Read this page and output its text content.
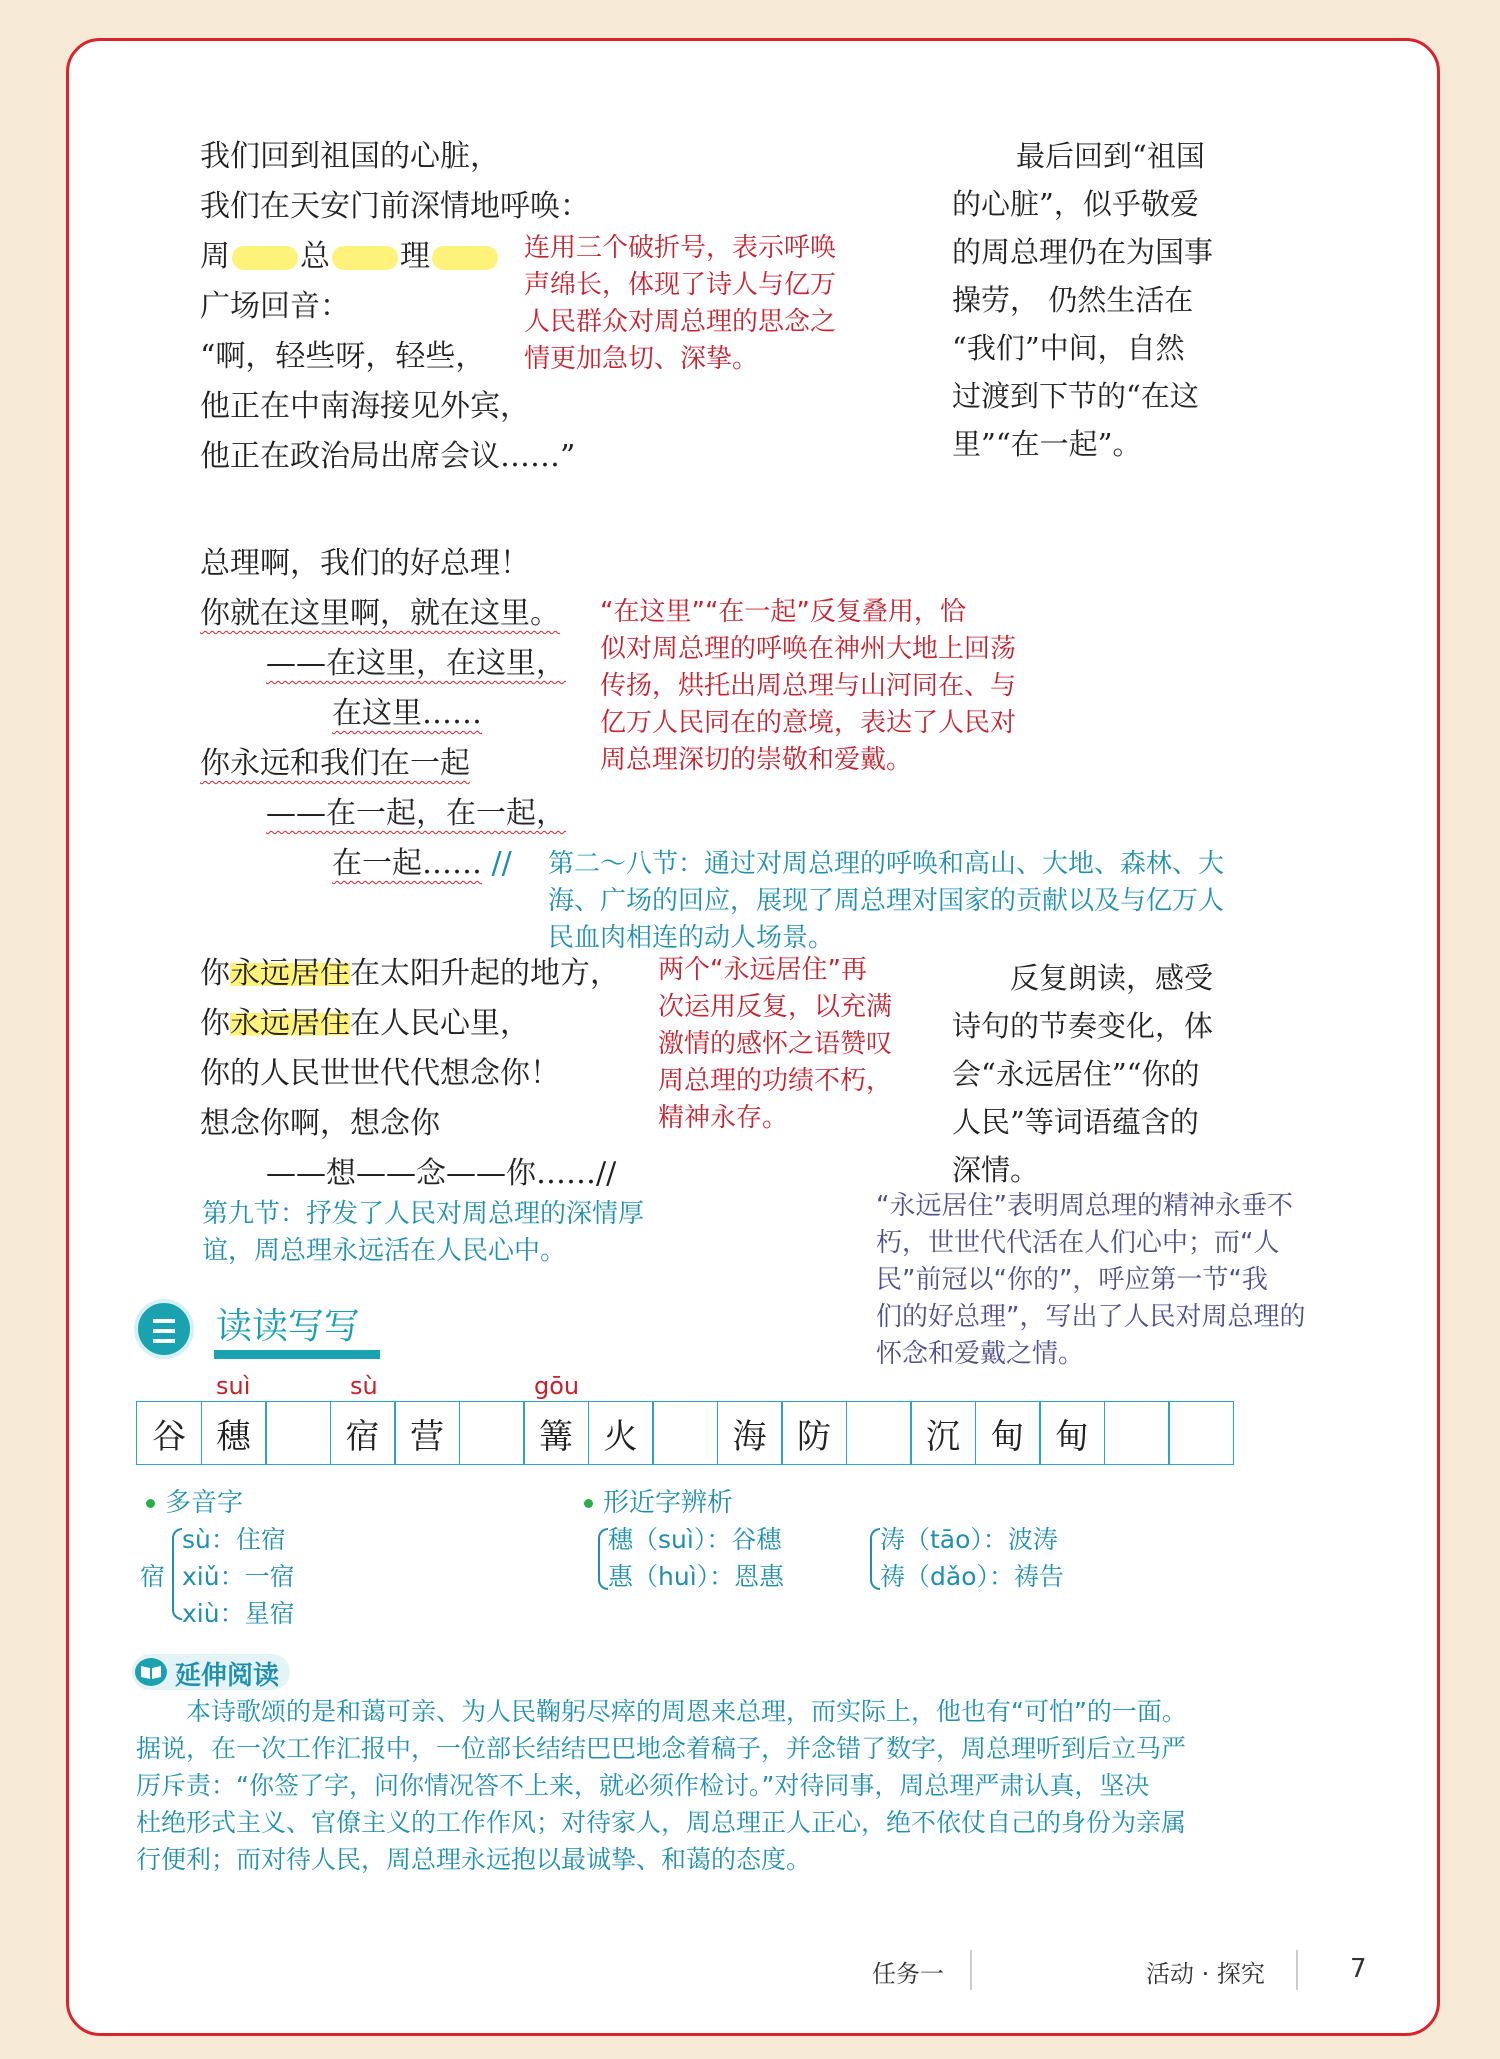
我们回到祖国的心脏，
我们在天安门前深情地呼唤：
周 总 理
广场回音：
“啊，轻些呀，轻些，
他正在中南海接见外宾，
他正在政治局出席会议……”
连用三个破折号，表示呼唤
声绵长，体现了诗人与亿万
人民群众对周总理的思念之
情更加急切、深挚。
最后回到“祖国
的心脏”，似乎敬爱
的周总理仍在为国事
操劳， 仍然生活在
“我们”中间，自然
过渡到下节的“在这
里”“在一起”。
总理啊，我们的好总理！
你就在这里啊，就在这里。
——在这里，在这里，
在这里……
你永远和我们在一起
——在一起，在一起，
在一起…… //
“在这里”“在一起”反复叠用，恰
似对周总理的呼唤在神州大地上回荡
传扬，烘托出周总理与山河同在、与
亿万人民同在的意境，表达了人民对
周总理深切的崇敬和爱戴。
第二～八节：通过对周总理的呼唤和高山、大地、森林、大
海、广场的回应，展现了周总理对国家的贡献以及与亿万人
民血肉相连的动人场景。
你永远居住在太阳升起的地方，
你永远居住在人民心里，
你的人民世世代代想念你！
想念你啊，想念你
——想——念——你……//
两个“永远居住”再
次运用反复，以充满
激情的感怀之语赞叹
周总理的功绩不朽，
精神永存。
反复朗读，感受
诗句的节奏变化，体
会“永远居住”“你的
人民”等词语蕴含的
深情。
第九节：抒发了人民对周总理的深情厚
谊，周总理永远活在人民心中。
“永远居住”表明周总理的精神永垂不
朽，世世代代活在人们心中；而“人
民”前冠以“你的”，呼应第一节“我
们的好总理”，写出了人民对周总理的
怀念和爱戴之情。
读读写写
suì	sù	gōu
谷 穗	宿 营	篝 火	海 防	沉 甸 甸
多音字
宿
sù：住宿
xiǔ：一宿
xiù：星宿
形近字辨析
穗（suì）：谷穗
惠（huì）：恩惠
涛（tāo）：波涛
祷（dǎo）：祷告
延伸阅读
本诗歌颂的是和蔼可亲、为人民鞠躬尽瘁的周恩来总理，而实际上，他也有“可怕”的一面。
据说，在一次工作汇报中，一位部长结结巴巴地念着稿子，并念错了数字，周总理听到后立马严
厉斥责：“你签了字，问你情况答不上来，就必须作检讨。”对待同事，周总理严肃认真，坚决
杜绝形式主义、官僚主义的工作作风；对待家人，周总理正人正心，绝不依仗自己的身份为亲属
行便利；而对待人民，周总理永远抱以最诚挚、和蔼的态度。
任务一	活动 · 探究	7
